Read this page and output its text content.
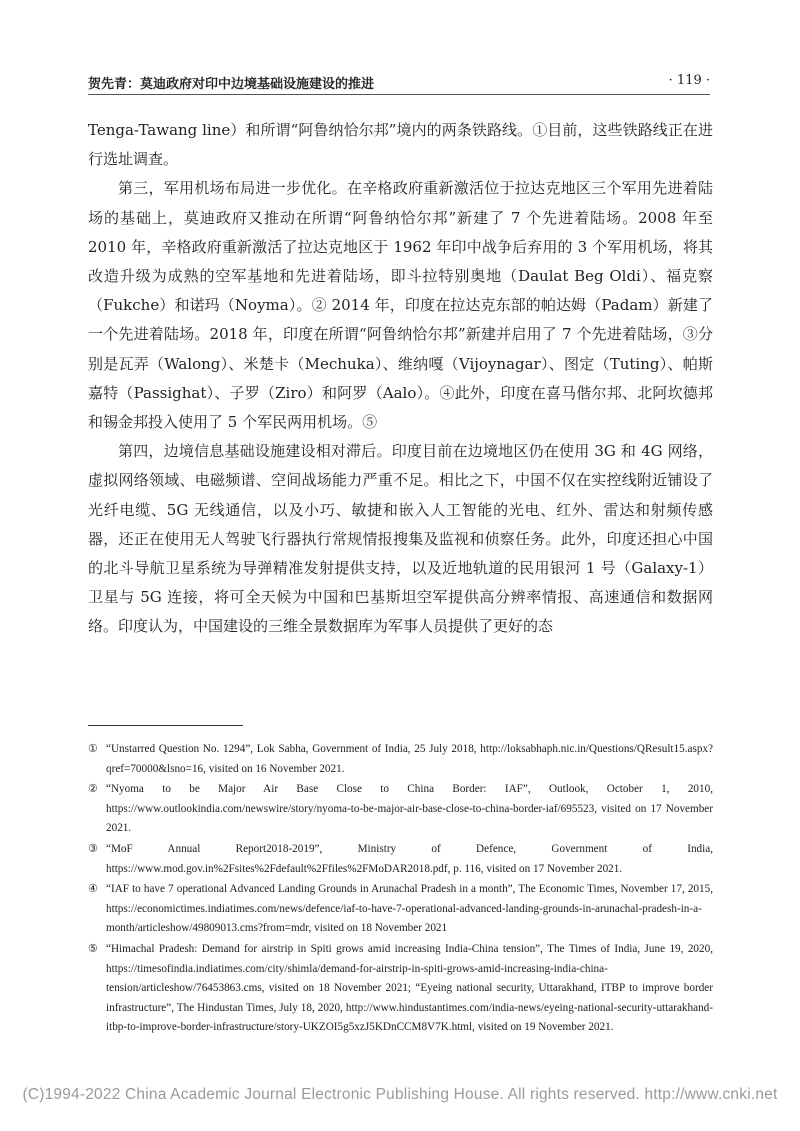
贺先青：莫迪政府对印中边境基础设施建设的推进	· 119 ·

Tenga-Tawang line）和所谓“阿鲁纳恰尔邦”境内的两条铁路线。①目前，这些铁路线正在进行选址调查。

第三，军用机场布局进一步优化。在辛格政府重新激活位于拉达克地区三个军用先进着陆场的基础上，莫迪政府又推动在所谓“阿鲁纳恰尔邦”新建了 7 个先进着陆场。2008 年至 2010 年，辛格政府重新激活了拉达克地区于 1962 年印中战争后弃用的 3 个军用机场，将其改造升级为成熟的空军基地和先进着陆场，即斗拉特别奥地（Daulat Beg Oldi）、福克察（Fukche）和诺玛（Noyma）。② 2014 年，印度在拉达克东部的帕达姆（Padam）新建了一个先进着陆场。2018 年，印度在所谓“阿鲁纳恰尔邦”新建并启用了 7 个先进着陆场，③分别是瓦弄（Walong）、米楚卡（Mechuka）、维纳嘎（Vijoynagar）、图定（Tuting）、帕斯嘉特（Passighat）、子罗（Ziro）和阿罗（Aalo）。④此外，印度在喜马偕尔邦、北阿坎德邦和锡金邦投入使用了 5 个军民两用机场。⑤

第四，边境信息基础设施建设相对滞后。印度目前在边境地区仍在使用 3G 和 4G 网络，虚拟网络领域、电磁频谱、空间战场能力严重不足。相比之下，中国不仅在实控线附近铺设了光纤电缆、5G 无线通信，以及小巧、敏捷和嵌入人工智能的光电、红外、雷达和射频传感器，还正在使用无人驾驶飞行器执行常规情报搜集及监视和侦察任务。此外，印度还担心中国的北斗导航卫星系统为导弹精准发射提供支持，以及近地轨道的民用银河 1 号（Galaxy-1）卫星与 5G 连接，将可全天候为中国和巴基斯坦空军提供高分辨率情报、高速通信和数据网络。印度认为，中国建设的三维全景数据库为军事人员提供了更好的态

① “Unstarred Question No. 1294”, Lok Sabha, Government of India, 25 July 2018, http://loksabhaph.nic.in/Questions/QResult15.aspx?qref=70000&lsno=16, visited on 16 November 2021.
② “Nyoma to be Major Air Base Close to China Border: IAF”, Outlook, October 1, 2010, https://www.outlookindia.com/newswire/story/nyoma-to-be-major-air-base-close-to-china-border-iaf/695523, visited on 17 November 2021.
③ “MoF Annual Report2018-2019”, Ministry of Defence, Government of India, https://www.mod.gov.in%2Fsites%2Fdefault%2Ffiles%2FMoDAR2018.pdf, p. 116, visited on 17 November 2021.
④ “IAF to have 7 operational Advanced Landing Grounds in Arunachal Pradesh in a month”, The Economic Times, November 17, 2015, https://economictimes.indiatimes.com/news/defence/iaf-to-have-7-operational-advanced-landing-grounds-in-arunachal-pradesh-in-a-month/articleshow/49809013.cms?from=mdr, visited on 18 November 2021
⑤ “Himachal Pradesh: Demand for airstrip in Spiti grows amid increasing India-China tension”, The Times of India, June 19, 2020, https://timesofindia.indiatimes.com/city/shimla/demand-for-airstrip-in-spiti-grows-amid-increasing-india-china-tension/articleshow/76453863.cms, visited on 18 November 2021; “Eyeing national security, Uttarakhand, ITBP to improve border infrastructure”, The Hindustan Times, July 18, 2020, http://www.hindustantimes.com/india-news/eyeing-national-security-uttarakhand-itbp-to-improve-border-infrastructure/story-UKZOI5g5xzJ5KDnCCM8V7K.html, visited on 19 November 2021.
(C)1994-2022 China Academic Journal Electronic Publishing House. All rights reserved. http://www.cnki.net
